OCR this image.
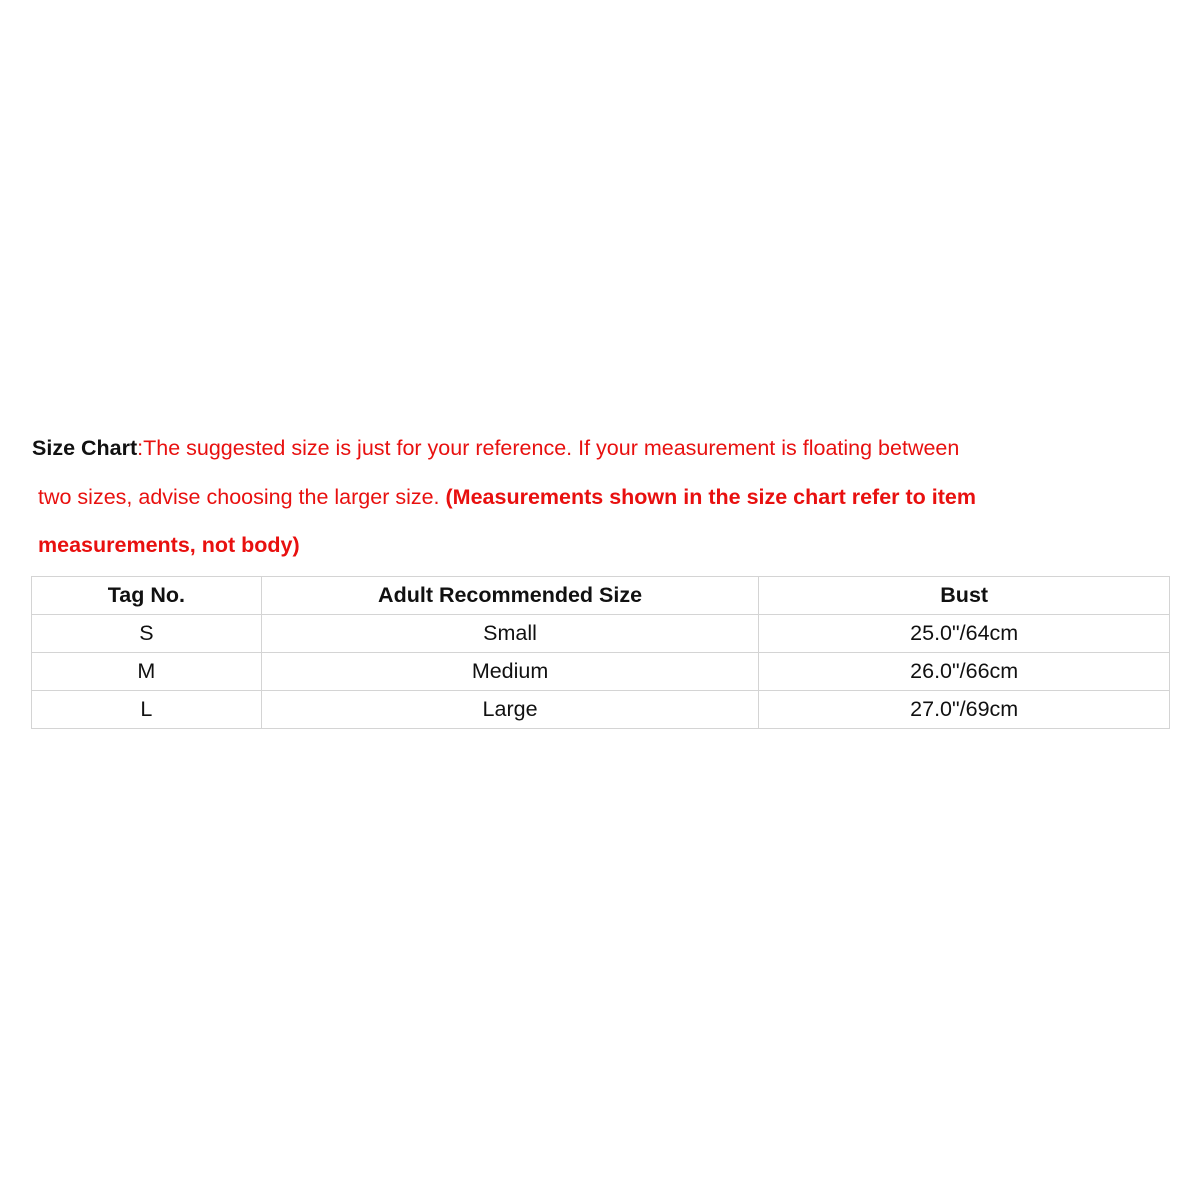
Size Chart:The suggested size is just for your reference. If your measurement is floating between
two sizes, advise choosing the larger size. (Measurements shown in the size chart refer to item
measurements, not body)
Tag No.	Adult Recommended Size	Bust
S	Small	25.0"/64cm
M	Medium	26.0"/66cm
L	Large	27.0"/69cm
